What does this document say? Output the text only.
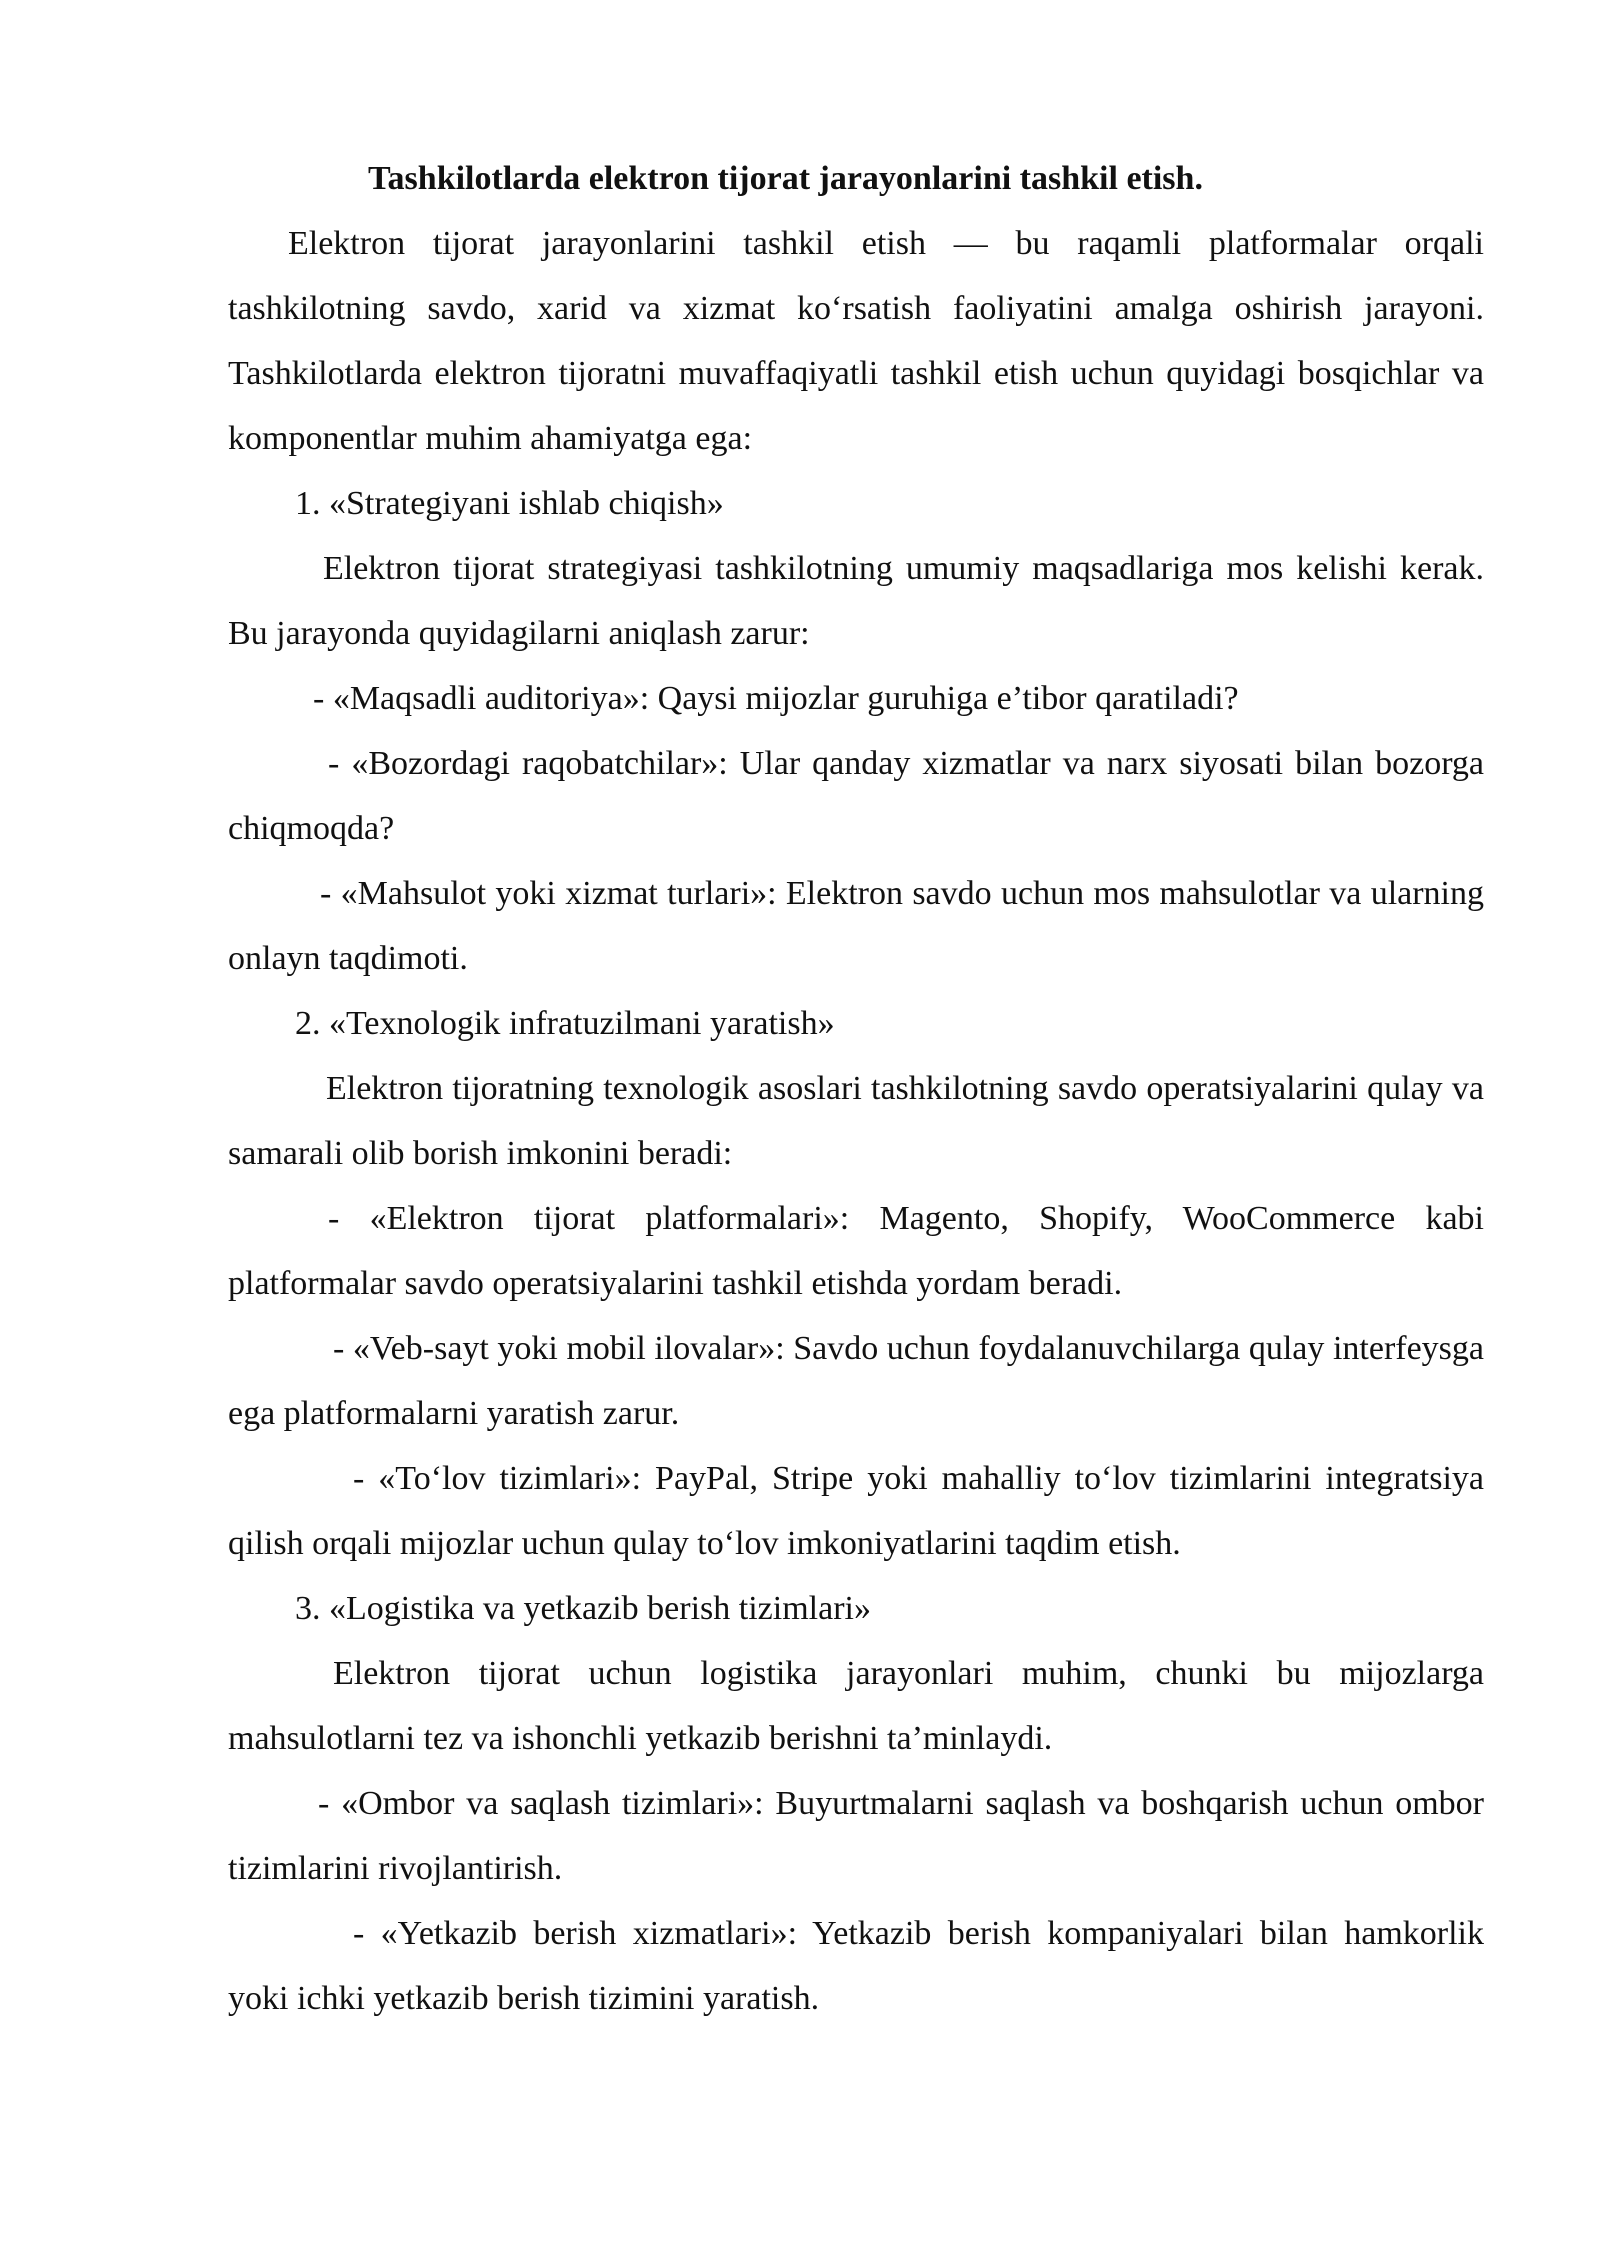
Tashkilotlarda elektron tijorat jarayonlarini tashkil etish.

Elektron tijorat jarayonlarini tashkil etish — bu raqamli platformalar orqali tashkilotning savdo, xarid va xizmat ko‘rsatish faoliyatini amalga oshirish jarayoni. Tashkilotlarda elektron tijoratni muvaffaqiyatli tashkil etish uchun quyidagi bosqichlar va komponentlar muhim ahamiyatga ega:

1. «Strategiyani ishlab chiqish»

Elektron tijorat strategiyasi tashkilotning umumiy maqsadlariga mos kelishi kerak. Bu jarayonda quyidagilarni aniqlash zarur:

- «Maqsadli auditoriya»: Qaysi mijozlar guruhiga e’tibor qaratiladi?

- «Bozordagi raqobatchilar»: Ular qanday xizmatlar va narx siyosati bilan bozorga chiqmoqda?

- «Mahsulot yoki xizmat turlari»: Elektron savdo uchun mos mahsulotlar va ularning onlayn taqdimoti.

2. «Texnologik infratuzilmani yaratish»

Elektron tijoratning texnologik asoslari tashkilotning savdo operatsiyalarini qulay va samarali olib borish imkonini beradi:

- «Elektron tijorat platformalari»: Magento, Shopify, WooCommerce kabi platformalar savdo operatsiyalarini tashkil etishda yordam beradi.

- «Veb-sayt yoki mobil ilovalar»: Savdo uchun foydalanuvchilarga qulay interfeysga ega platformalarni yaratish zarur.

- «To‘lov tizimlari»: PayPal, Stripe yoki mahalliy to‘lov tizimlarini integratsiya qilish orqali mijozlar uchun qulay to‘lov imkoniyatlarini taqdim etish.

3. «Logistika va yetkazib berish tizimlari»

Elektron tijorat uchun logistika jarayonlari muhim, chunki bu mijozlarga mahsulotlarni tez va ishonchli yetkazib berishni ta’minlaydi.

- «Ombor va saqlash tizimlari»: Buyurtmalarni saqlash va boshqarish uchun ombor tizimlarini rivojlantirish.

- «Yetkazib berish xizmatlari»: Yetkazib berish kompaniyalari bilan hamkorlik yoki ichki yetkazib berish tizimini yaratish.
